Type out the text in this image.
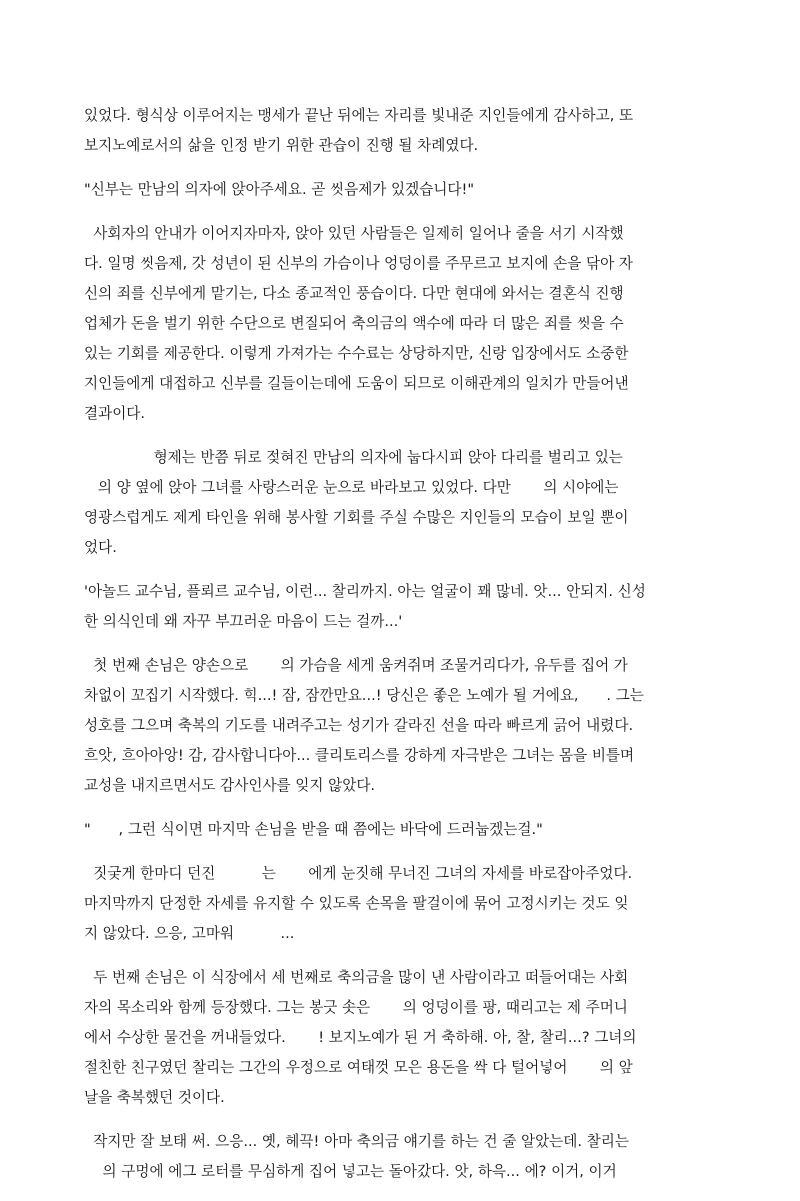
있었다. 형식상 이루어지는 맹세가 끝난 뒤에는 자리를 빛내준 지인들에게 감사하고, 또
보지노예로서의 삶을 인정 받기 위한 관습이 진행 될 차례였다.
"신부는 만남의 의자에 앉아주세요. 곧 씻음제가 있겠습니다!"
사회자의 안내가 이어지자마자, 앉아 있던 사람들은 일제히 일어나 줄을 서기 시작했
다. 일명 씻음제, 갓 성년이 된 신부의 가슴이나 엉덩이를 주무르고 보지에 손을 닦아 자
신의 죄를 신부에게 맡기는, 다소 종교적인 풍습이다. 다만 현대에 와서는 결혼식 진행
업체가 돈을 벌기 위한 수단으로 변질되어 축의금의 액수에 따라 더 많은 죄를 씻을 수
있는 기회를 제공한다. 이렇게 가져가는 수수료는 상당하지만, 신랑 입장에서도 소중한
지인들에게 대접하고 신부를 길들이는데에 도움이 되므로 이해관계의 일치가 만들어낸
결과이다.
형제는 반쯤 뒤로 젖혀진 만남의 의자에 눕다시피 앉아 다리를 벌리고 있는
의 양 옆에 앉아 그녀를 사랑스러운 눈으로 바라보고 있었다. 다만       의 시야에는
영광스럽게도 제게 타인을 위해 봉사할 기회를 주실 수많은 지인들의 모습이 보일 뿐이
었다.
'아놀드 교수님, 플뢰르 교수님, 이런... 찰리까지. 아는 얼굴이 꽤 많네. 앗... 안되지. 신성
한 의식인데 왜 자꾸 부끄러운 마음이 드는 걸까...'
첫 번째 손님은 양손으로       의 가슴을 세게 움켜쥐며 조물거리다가, 유두를 집어 가
차없이 꼬집기 시작했다. 힉...! 잠, 잠깐만요...! 당신은 좋은 노예가 될 거에요,      . 그는
성호를 그으며 축복의 기도를 내려주고는 성기가 갈라진 선을 따라 빠르게 긁어 내렸다.
흐앗, 흐아아앙! 감, 감사합니다아... 클리토리스를 강하게 자극받은 그녀는 몸을 비틀며
교성을 내지르면서도 감사인사를 잊지 않았다.
"      , 그런 식이면 마지막 손님을 받을 때 쯤에는 바닥에 드러눕겠는걸."
짓궂게 한마디 던진          는       에게 눈짓해 무너진 그녀의 자세를 바로잡아주었다.
마지막까지 단정한 자세를 유지할 수 있도록 손목을 팔걸이에 묶어 고정시키는 것도 잊
지 않았다. 으응, 고마워          ...
두 번째 손님은 이 식장에서 세 번째로 축의금을 많이 낸 사람이라고 떠들어대는 사회
자의 목소리와 함께 등장했다. 그는 봉긋 솟은       의 엉덩이를 팡, 때리고는 제 주머니
에서 수상한 물건을 꺼내들었다.       ! 보지노예가 된 거 축하해. 아, 찰, 찰리...? 그녀의
절친한 친구였던 찰리는 그간의 우정으로 여태껏 모은 용돈을 싹 다 털어넣어       의 앞
날을 축복했던 것이다.
작지만 잘 보태 써. 으응... 옛, 헤끅! 아마 축의금 얘기를 하는 건 줄 알았는데. 찰리는
의 구멍에 에그 로터를 무심하게 집어 넣고는 돌아갔다. 앗, 하윽... 에? 이거, 이거
